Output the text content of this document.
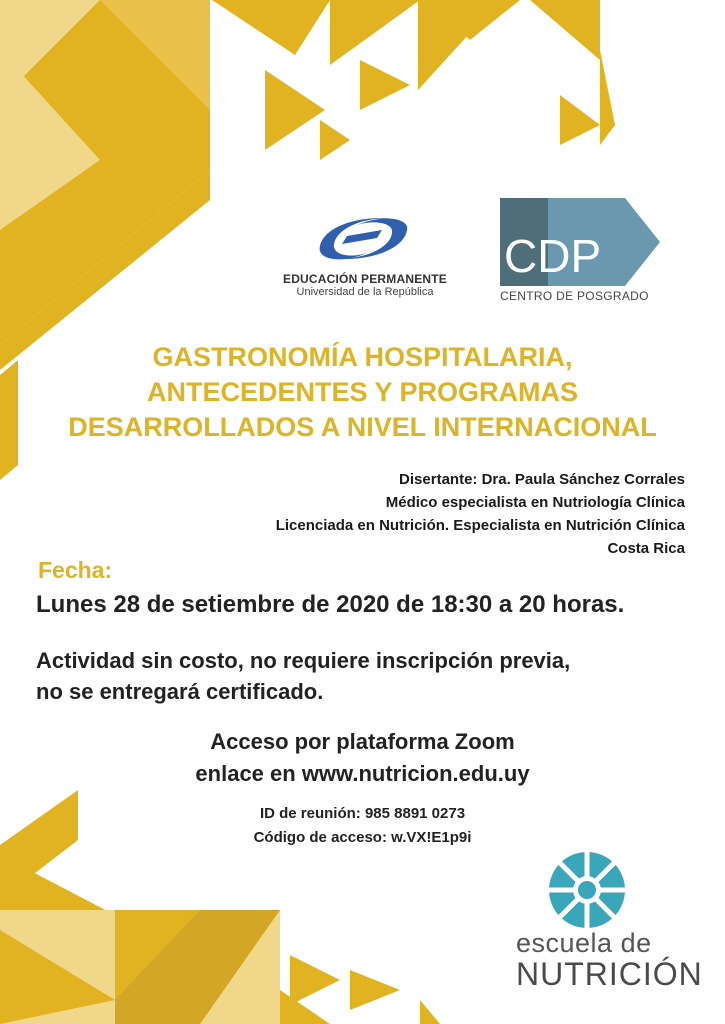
EDUCACIÓN PERMANENTE
Universidad de la República
CDP
CENTRO DE POSGRADO
GASTRONOMÍA HOSPITALARIA,
ANTECEDENTES Y PROGRAMAS
DESARROLLADOS A NIVEL INTERNACIONAL
Disertante: Dra. Paula Sánchez Corrales
Médico especialista en Nutriología Clínica
Licenciada en Nutrición. Especialista en Nutrición Clínica
Costa Rica
Fecha:
Lunes 28 de setiembre de 2020 de 18:30 a 20 horas.
Actividad sin costo, no requiere inscripción previa,
no se entregará certificado.
Acceso por plataforma Zoom
enlace en www.nutricion.edu.uy
ID de reunión: 985 8891 0273
Código de acceso: w.VX!E1p9i
escuela de
NUTRICIÓN
